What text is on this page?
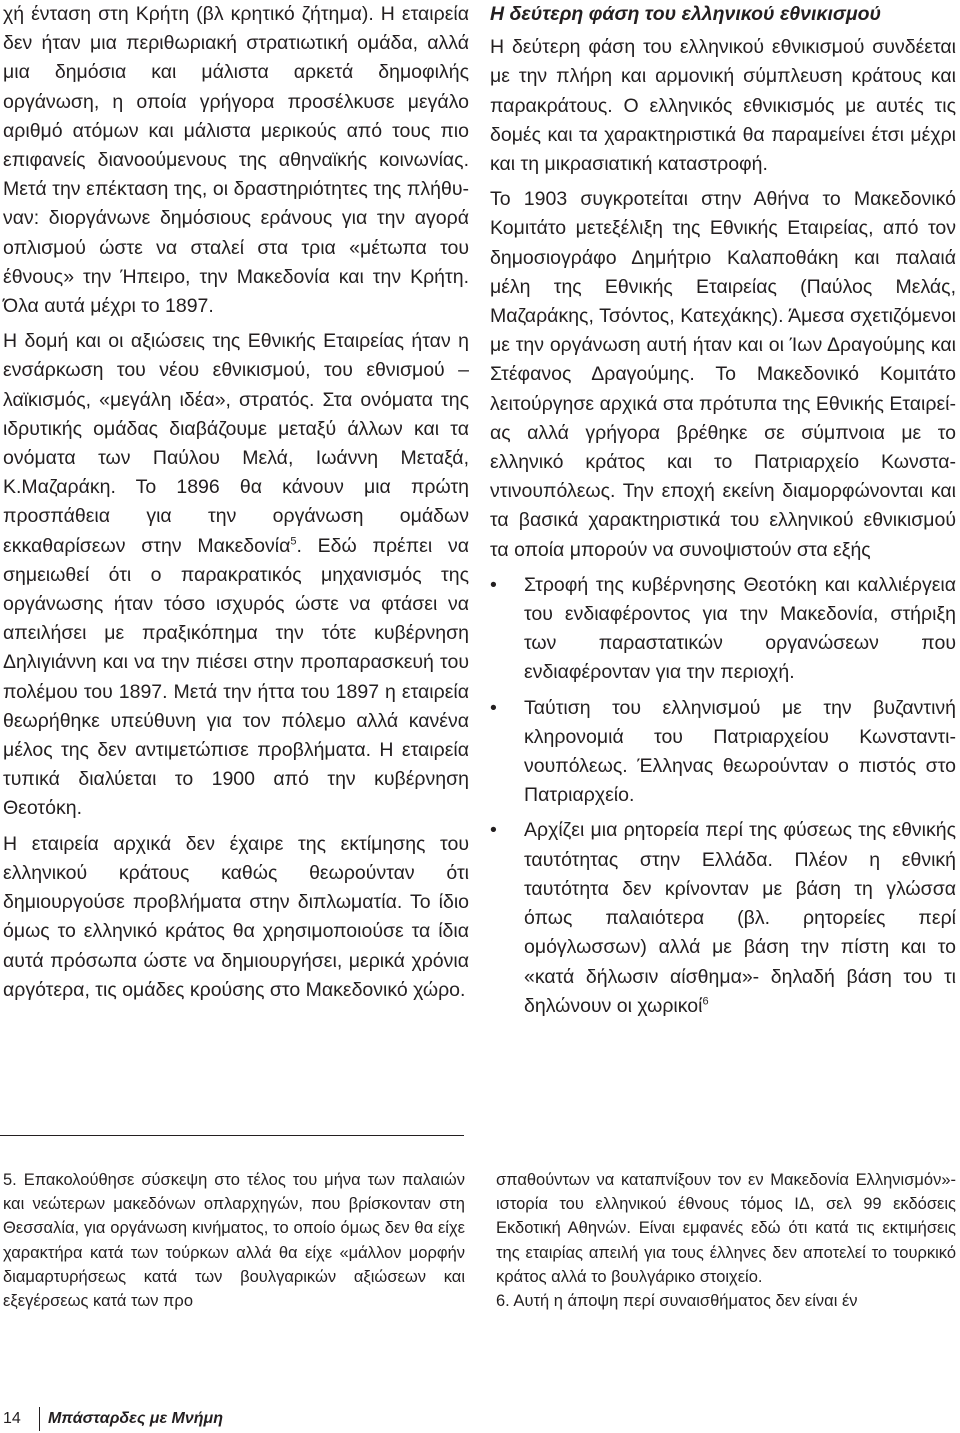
χή ένταση στη Κρήτη (βλ κρητικό ζήτημα). Η εταιρεία δεν ήταν μια περιθωριακή στρατιωτική ομάδα, αλλά μια δημόσια και μάλιστα αρκετά δημοφιλής οργάνωση, η οποία γρήγορα προσέλκυσε μεγάλο αριθμό ατόμων και μάλιστα μερικούς από τους πιο επιφανείς διανοούμενους της αθηναϊκής κοινωνίας. Μετά την επέκταση της, οι δραστηριότητες της πλήθυναν: διοργάνωνε δημόσιους εράνους για την αγορά οπλισμού ώστε να σταλεί στα τρια «μέτωπα του έθνους» την Ήπειρο, την Μακεδονία και την Κρήτη. Όλα αυτά μέχρι το 1897.

Η δομή και οι αξιώσεις της Εθνικής Εταιρείας ήταν η ενσάρκωση του νέου εθνικισμού, του εθνισμού –λαϊκισμός, «μεγάλη ιδέα», στρατός. Στα ονόματα της ιδρυτικής ομάδας διαβάζουμε μεταξύ άλλων και τα ονόματα των Παύλου Μελά, Ιωάννη Μεταξά, Κ.Μαζαράκη. Το 1896 θα κάνουν μια πρώτη προσπάθεια για την οργάνωση ομάδων εκκαθαρίσεων στην Μακεδονία$^5$. Εδώ πρέπει να σημειωθεί ότι ο παρακρατικός μηχανισμός της οργάνωσης ήταν τόσο ισχυρός ώστε να φτάσει να απειλήσει με πραξικόπημα την τότε κυβέρνηση Δηλιγιάννη και να την πιέσει στην προπαρασκευή του πολέμου του 1897. Μετά την ήττα του 1897 η εταιρεία θεωρήθηκε υπεύθυνη για τον πόλεμο αλλά κανένα μέλος της δεν αντιμετώπισε προβλήματα. Η εταιρεία τυπικά διαλύεται το 1900 από την κυβέρνηση Θεοτόκη.

Η εταιρεία αρχικά δεν έχαιρε της εκτίμησης του ελληνικού κράτους καθώς θεωρούνταν ότι δημιουργούσε προβλήματα στην διπλωματία. Το ίδιο όμως το ελληνικό κράτος θα χρησιμοποιούσε τα ίδια αυτά πρόσωπα ώστε να δημιουργήσει, μερικά χρόνια αργότερα, τις ομάδες κρούσης στο Μακεδονικό χώρο.

Η δεύτερη φάση του ελληνικού εθνικισμού

Η δεύτερη φάση του ελληνικού εθνικισμού συνδέεται με την πλήρη και αρμονική σύμπλευση κράτους και παρακράτους. Ο ελληνικός εθνικισμός με αυτές τις δομές και τα χαρακτηριστικά θα παραμείνει έτσι μέχρι και τη μικρασιατική καταστροφή.

Το 1903 συγκροτείται στην Αθήνα το Μακεδονικό Κομιτάτο μετεξέλιξη της Εθνικής Εταιρείας, από τον δημοσιογράφο Δημήτριο Καλαποθάκη και παλαιά μέλη της Εθνικής Εταιρείας (Παύλος Μελάς, Μαζαράκης, Τσόντος, Κατεχάκης). Άμεσα σχετιζόμενοι με την οργάνωση αυτή ήταν και οι Ίων Δραγούμης και Στέφανος Δραγούμης. Το Μακεδονικό Κομιτάτο λειτούργησε αρχικά στα πρότυπα της Εθνικής Εταιρείας αλλά γρήγορα βρέθηκε σε σύμπνοια με το ελληνικό κράτος και το Πατριαρχείο Κωνσταντινουπόλεως. Την εποχή εκείνη διαμορφώνονται και τα βασικά χαρακτηριστικά του ελληνικού εθνικισμού τα οποία μπορούν να συνοψιστούν στα εξής

• Στροφή της κυβέρνησης Θεοτόκη και καλλιέργεια του ενδιαφέροντος για την Μακεδονία, στήριξη των παραστατικών οργανώσεων που ενδιαφέρονταν για την περιοχή.
• Ταύτιση του ελληνισμού με την βυζαντινή κληρονομιά του Πατριαρχείου Κωνσταντινουπόλεως. Έλληνας θεωρούνταν ο πιστός στο Πατριαρχείο.
• Αρχίζει μια ρητορεία περί της φύσεως της εθνικής ταυτότητας στην Ελλάδα. Πλέον η εθνική ταυτότητα δεν κρίνονταν με βάση τη γλώσσα όπως παλαιότερα (βλ. ρητορείες περί ομόγλωσσων) αλλά με βάση την πίστη και το «κατά δήλωσιν αίσθημα»- δηλαδή βάση του τι δηλώνουν οι χωρικοί$^6$

5. Επακολούθησε σύσκεψη στο τέλος του μήνα των παλαιών και νεώτερων μακεδόνων οπλαρχηγών, που βρίσκονταν στη Θεσσαλία, για οργάνωση κινήματος, το οποίο όμως δεν θα είχε χαρακτήρα κατά των τούρκων αλλά θα είχε «μάλλον μορφήν διαμαρτυρήσεως κατά των βουλγαρικών αξιώσεων και εξεγέρσεως κατά των προ

σπαθούντων να καταπνίξουν τον εν Μακεδονία Ελληνισμόν»-ιστορία του ελληνικού έθνους τόμος ΙΔ, σελ 99 εκδόσεις Εκδοτική Αθηνών. Είναι εμφανές εδώ ότι κατά τις εκτιμήσεις της εταιρίας απειλή για τους έλληνες δεν αποτελεί το τουρκικό κράτος αλλά το βουλγάρικο στοιχείο.

6. Αυτή η άποψη περί συναισθήματος δεν είναι έν

14	Μπάσταρδες με Μνήμη
